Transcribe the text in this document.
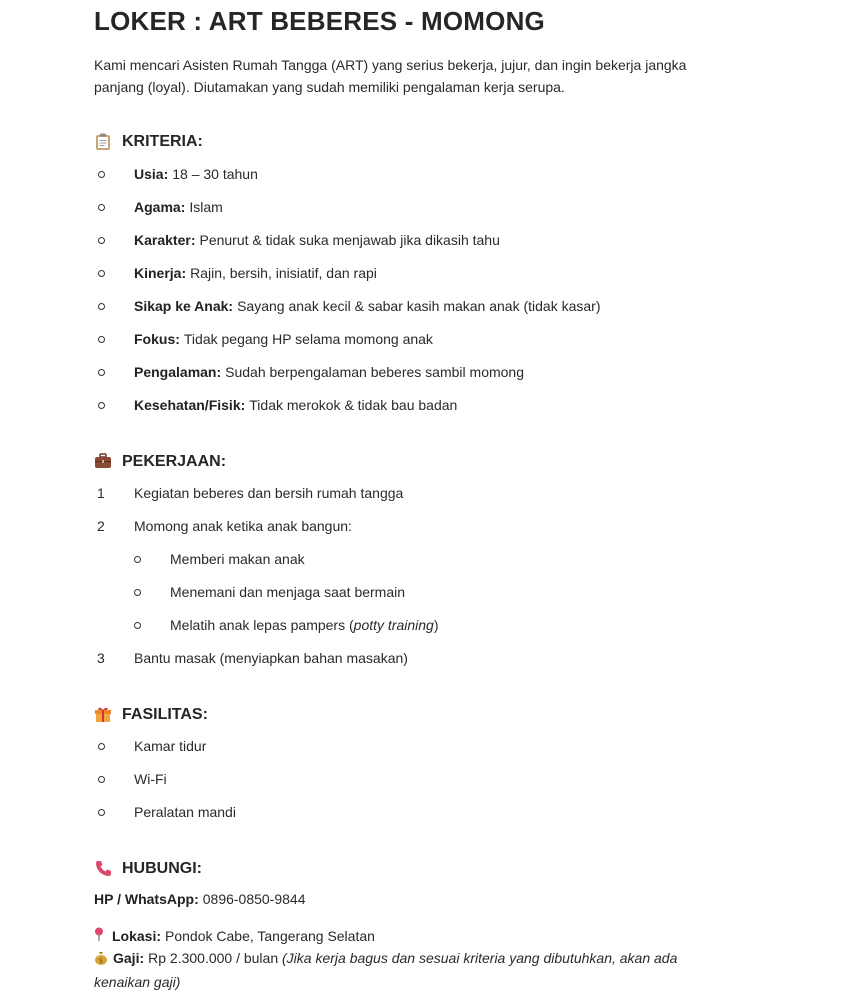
LOKER : ART BEBERES - MOMONG

Kami mencari Asisten Rumah Tangga (ART) yang serius bekerja, jujur, dan ingin bekerja jangka panjang (loyal). Diutamakan yang sudah memiliki pengalaman kerja serupa.

KRITERIA:
Usia: 18 – 30 tahun
Agama: Islam
Karakter: Penurut & tidak suka menjawab jika dikasih tahu
Kinerja: Rajin, bersih, inisiatif, dan rapi
Sikap ke Anak: Sayang anak kecil & sabar kasih makan anak (tidak kasar)
Fokus: Tidak pegang HP selama momong anak
Pengalaman: Sudah berpengalaman beberes sambil momong
Kesehatan/Fisik: Tidak merokok & tidak bau badan
PEKERJAAN:
1 Kegiatan beberes dan bersih rumah tangga
2 Momong anak ketika anak bangun:
Memberi makan anak
Menemani dan menjaga saat bermain
Melatih anak lepas pampers ( potty training )
3 Bantu masak (menyiapkan bahan masakan)
FASILITAS:
Kamar tidur
Wi-Fi
Peralatan mandi
HUBUNGI:
HP / WhatsApp: 0896-0850-9844
Lokasi: Pondok Cabe, Tangerang Selatan
$ Gaji: Rp 2.300.000 / bulan (Jika kerja bagus dan sesuai kriteria yang dibutuhkan, akan ada kenaikan gaji)
